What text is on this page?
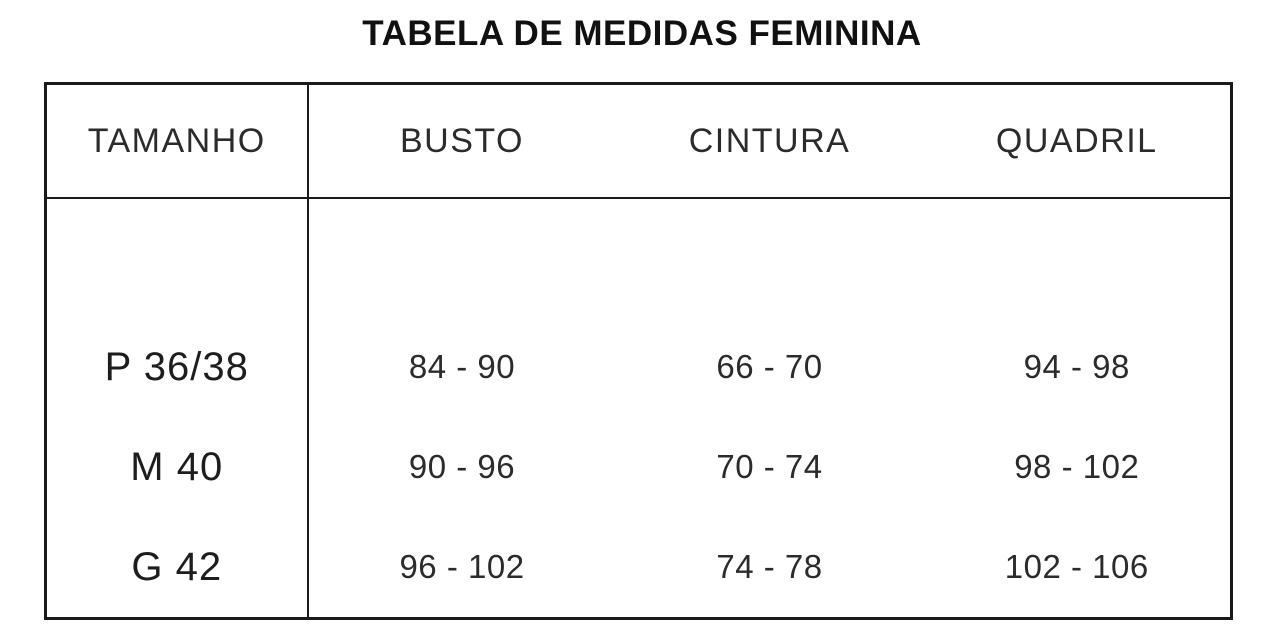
TABELA DE MEDIDAS FEMININA
TAMANHO	BUSTO	CINTURA	QUADRIL

P 36/38	84 - 90	66 - 70	94 - 98
M 40	90 - 96	70 - 74	98 - 102
G 42	96 - 102	74 - 78	102 - 106
